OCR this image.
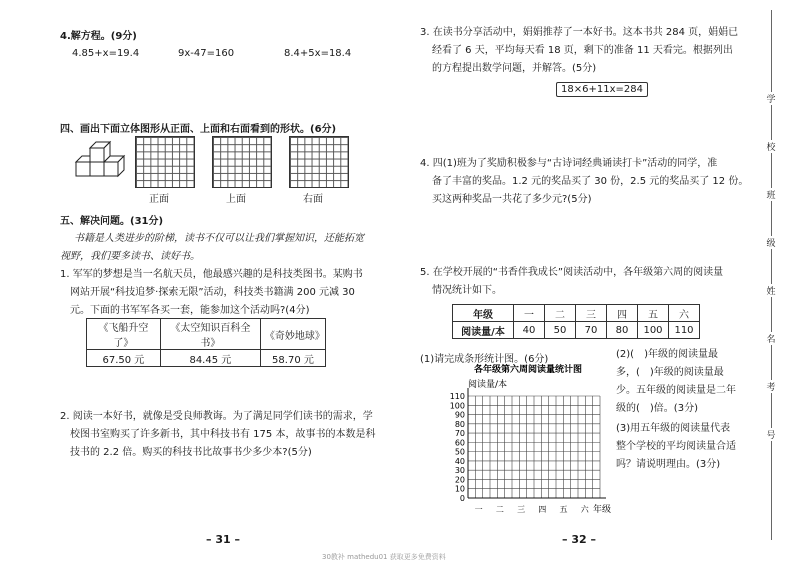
4.解方程。(9分)
4.85+x=19.4	9x-47=160	8.4+5x=18.4
四、画出下面立体图形从正面、上面和右面看到的形状。(6分)
正面	上面	右面
五、解决问题。(31分)
书籍是人类进步的阶梯，读书不仅可以让我们掌握知识，还能拓宽
视野，我们要多读书、读好书。
1. 军军的梦想是当一名航天员，他最感兴趣的是科技类图书。某购书
网站开展“科技追梦·探索无限”活动，科技类书籍满 200 元减 30
元。下面的书军军各买一套，能参加这个活动吗?(4分)
《飞船升空了》	《太空知识百科全书》	《奇妙地球》
67.50 元	84.45 元	58.70 元
2. 阅读一本好书，就像是受良师教诲。为了满足同学们读书的需求，学
校图书室购买了许多新书，其中科技书有 175 本，故事书的本数是科
技书的 2.2 倍。购买的科技书比故事书少多少本?(5分)
– 31 –
3. 在读书分享活动中，娟娟推荐了一本好书。这本书共 284 页，娟娟已
经看了 6 天，平均每天看 18 页，剩下的准备 11 天看完。根据列出
的方程提出数学问题，并解答。(5分)
18×6+11x=284
4. 四(1)班为了奖励积极参与“古诗词经典诵读打卡”活动的同学，准
备了丰富的奖品。1.2 元的奖品买了 30 份，2.5 元的奖品买了 12 份。
买这两种奖品一共花了多少元?(5分)
5. 在学校开展的“书香伴我成长”阅读活动中，各年级第六周的阅读量
情况统计如下。
年级	一	二	三	四	五	六
阅读量/本	40	50	70	80	100	110
(1)请完成条形统计图。(6分)	(2)(　)年级的阅读量最
多，(　)年级的阅读量最
少。五年级的阅读量是二年
级的(　)倍。(3分)
(3)用五年级的阅读量代表
整个学校的平均阅读量合适
吗？请说明理由。(3分)
各年级第六周阅读量统计图
阅读量/本
年级
0
10
20
30
40
50
60
70
80
90
100
110
一 二 三 四 五 六
– 32 –
学
校
班
级
姓
名
考
号
30教补 mathedu01 获取更多免费资料
